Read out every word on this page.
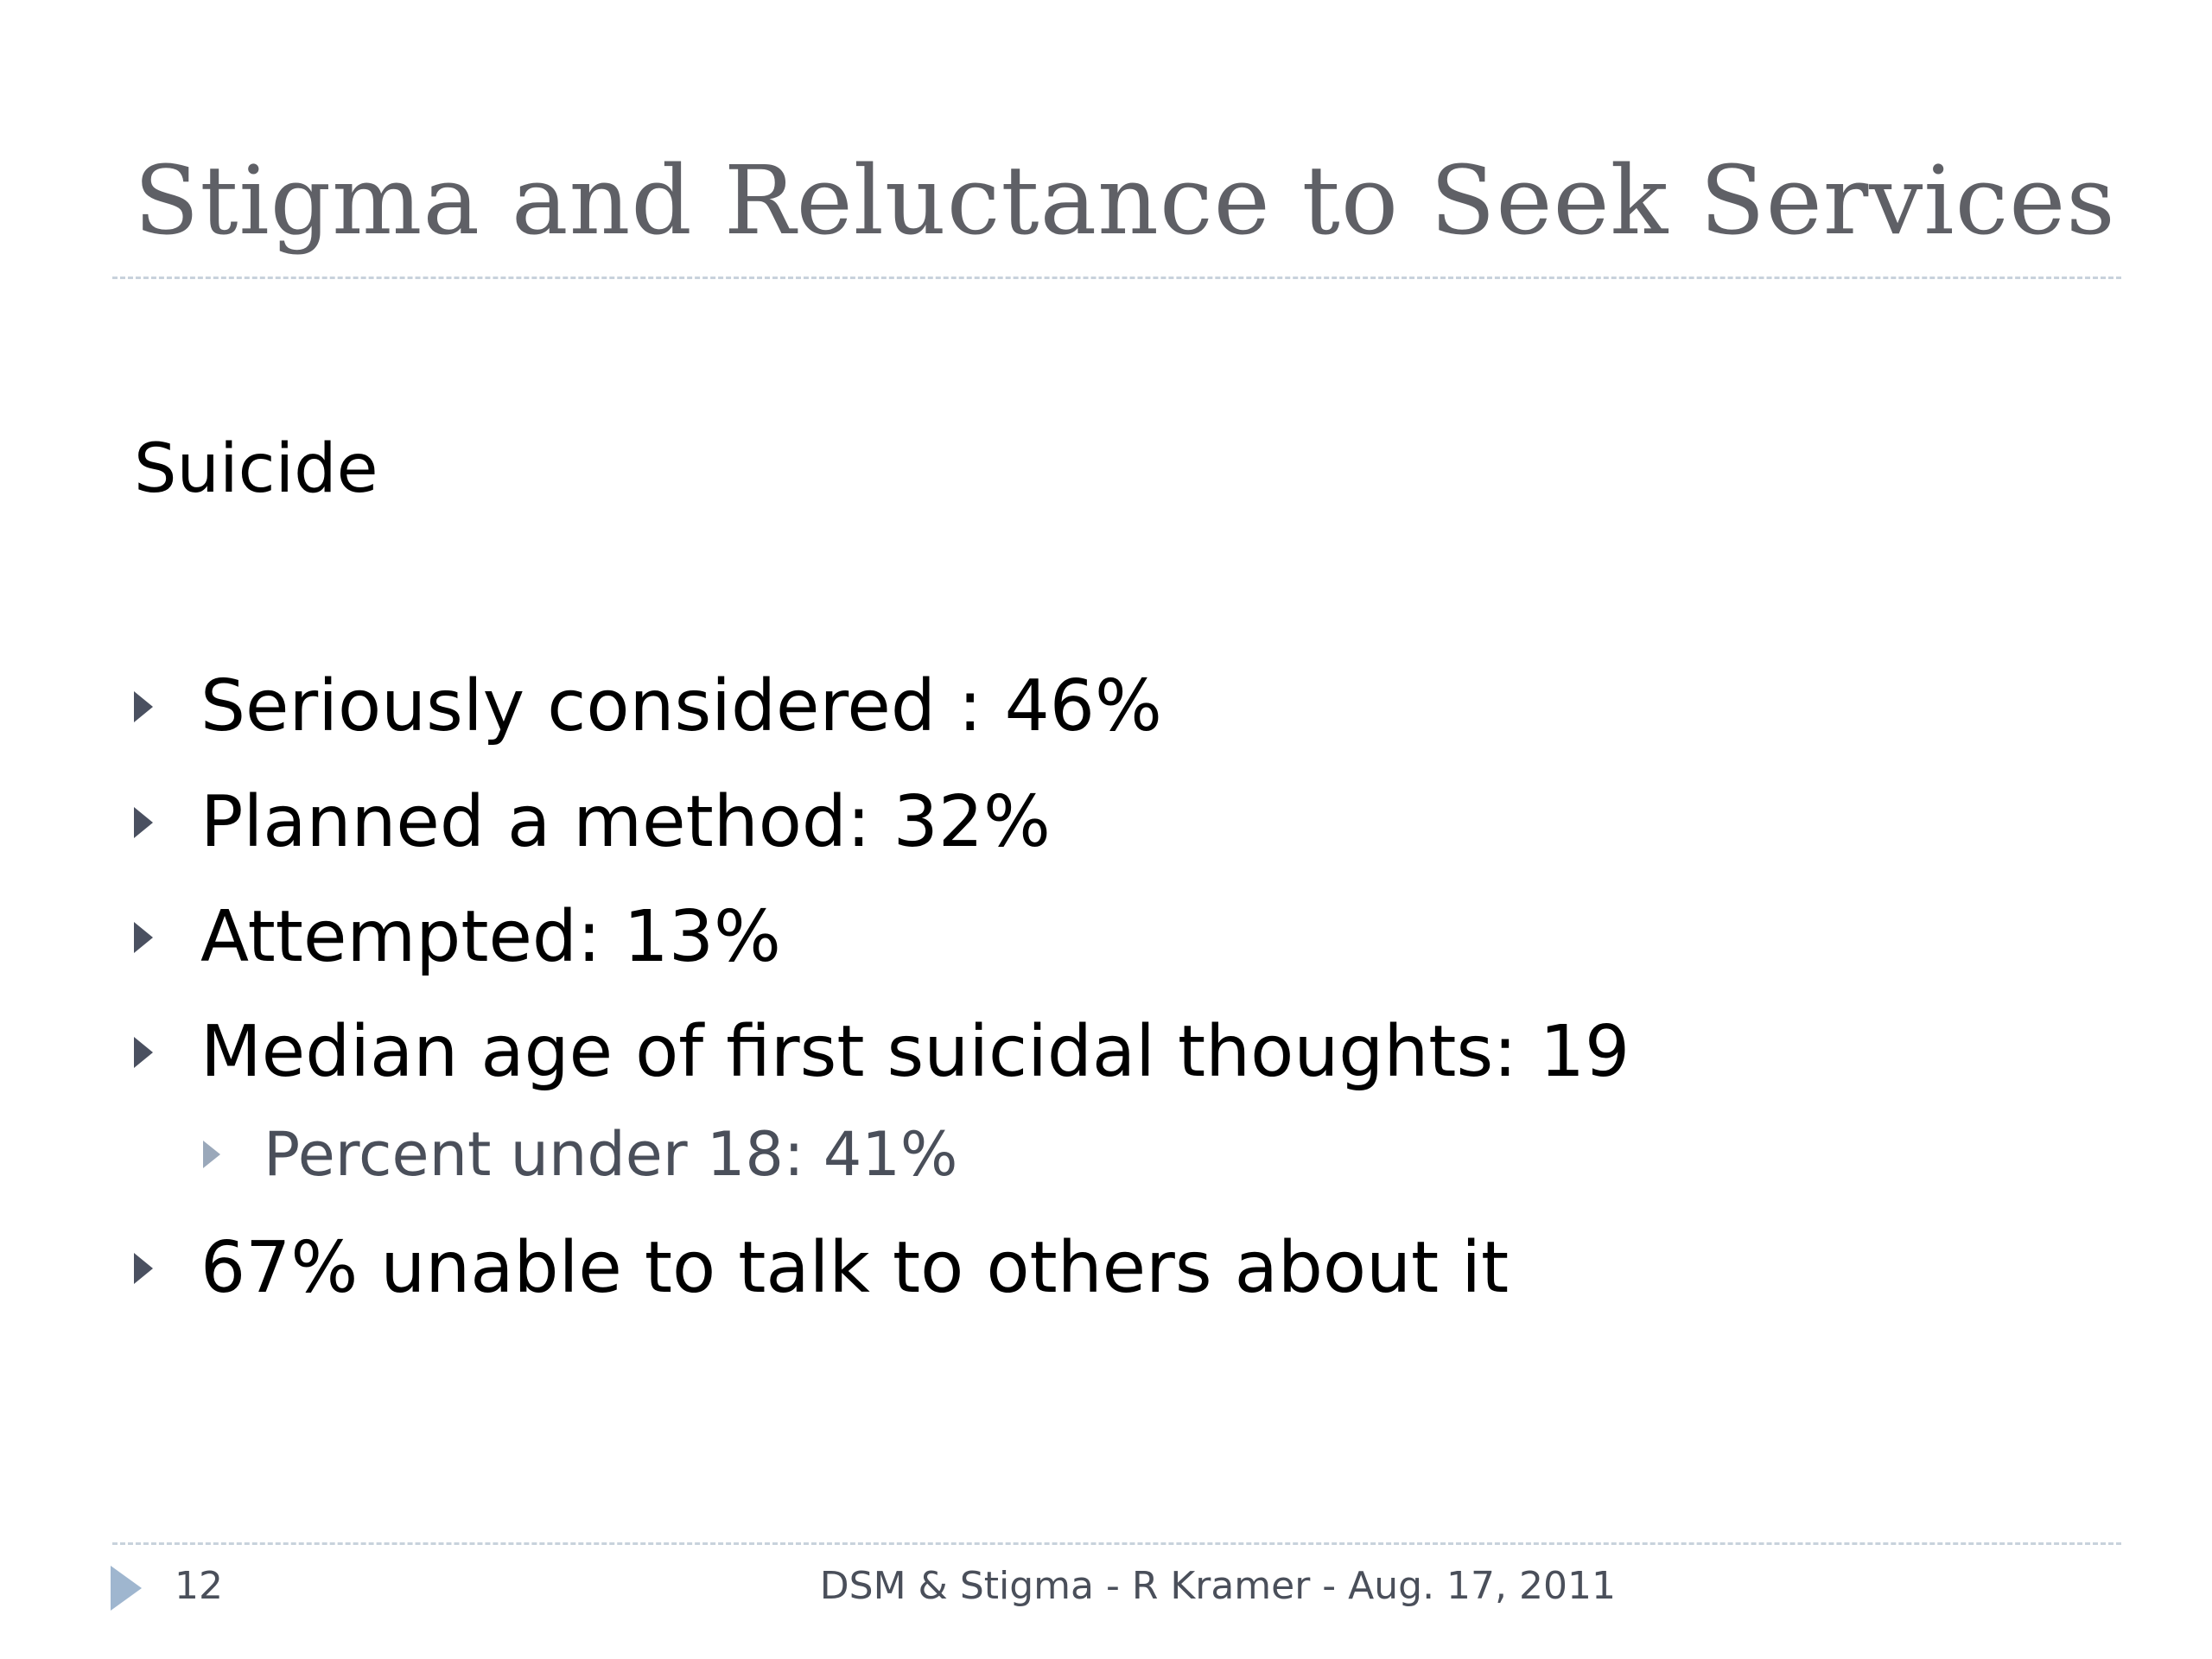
Stigma and Reluctance to Seek Services
Suicide
Seriously considered : 46%
Planned a method: 32%
Attempted: 13%
Median age of first suicidal thoughts: 19
Percent under 18: 41%
67% unable to talk to others about it
12	DSM & Stigma - R Kramer - Aug. 17, 2011
